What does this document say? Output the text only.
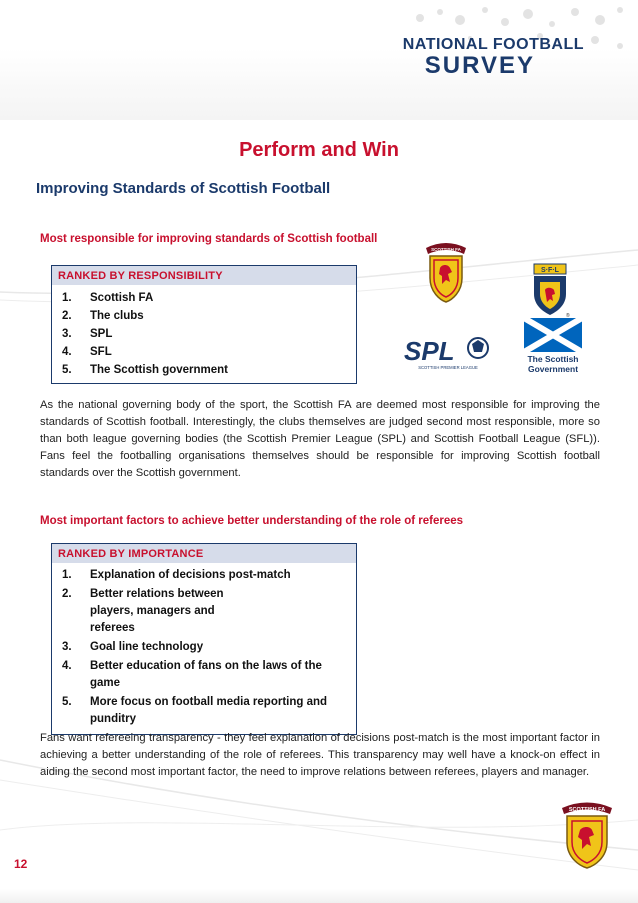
NATIONAL FOOTBALL
SURVEY
Perform and Win
Improving Standards of Scottish Football
Most responsible for improving standards of Scottish football
RANKED BY RESPONSIBILITY
1.	Scottish FA
2.	The clubs
3.	SPL
4.	SFL
5.	The Scottish government
SCOTTISH FA
S·F·L
®
SPL
SCOTTISH PREMIER LEAGUE
The Scottish
Government
As the national governing body of the sport, the Scottish FA are deemed most responsible for improving the standards of Scottish football. Interestingly, the clubs themselves are judged second most responsible, more so than both league governing bodies (the Scottish Premier League (SPL) and Scottish Football League (SFL)). Fans feel the footballing organisations themselves should be responsible for improving Scottish football standards over the Scottish government.
Most important factors to achieve better understanding of the role of referees
RANKED BY IMPORTANCE
1.	Explanation of decisions post-match
2.	Better relations between players, managers and referees
3.	Goal line technology
4.	Better education of fans on the laws of the game
5.	More focus on football media reporting and punditry
Fans want refereeing transparency - they feel explanation of decisions post-match is the most important factor in achieving a better understanding of the role of referees. This transparency may well have a knock-on effect in aiding the second most important factor, the need to improve relations between referees, players and manager.
SCOTTISH FA
12
